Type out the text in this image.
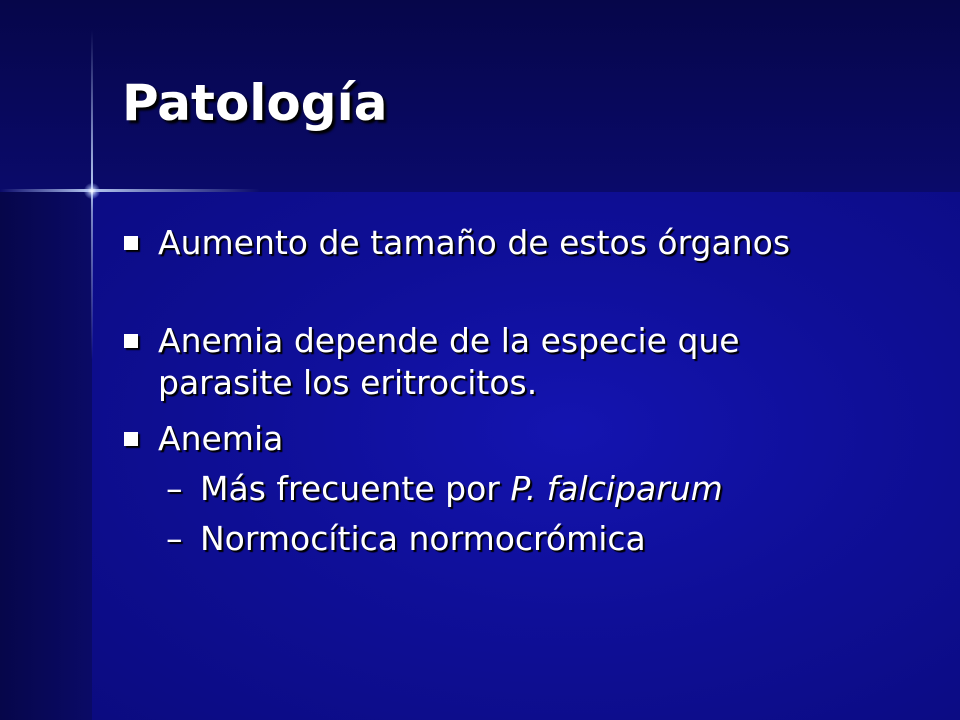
Patología
Aumento de tamaño de estos órganos
Anemia depende de la especie que
parasite los eritrocitos.
Anemia
– Más frecuente por P. falciparum
– Normocítica normocrómica
